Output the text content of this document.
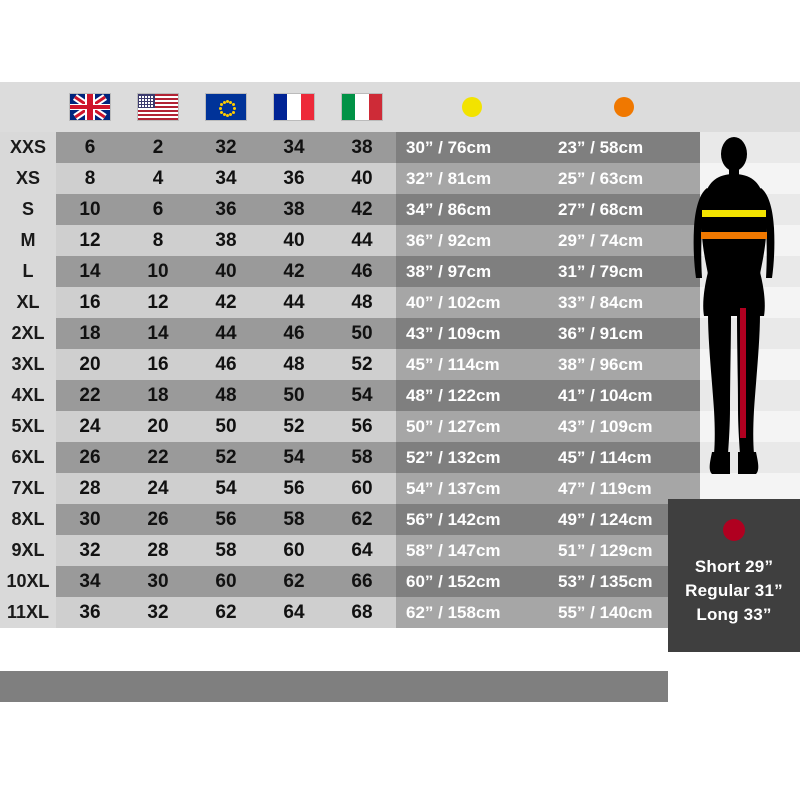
XXS	6	2	32	34	38	30” / 76cm	23” / 58cm	
XS	8	4	34	36	40	32” / 81cm	25” / 63cm	
S	10	6	36	38	42	34” / 86cm	27” / 68cm	
M	12	8	38	40	44	36” / 92cm	29” / 74cm	
L	14	10	40	42	46	38” / 97cm	31” / 79cm	
XL	16	12	42	44	48	40” / 102cm	33” / 84cm	
2XL	18	14	44	46	50	43” / 109cm	36” / 91cm	
3XL	20	16	46	48	52	45” / 114cm	38” / 96cm	
4XL	22	18	48	50	54	48” / 122cm	41” / 104cm	
5XL	24	20	50	52	56	50” / 127cm	43” / 109cm	
6XL	26	22	52	54	58	52” / 132cm	45” / 114cm	
7XL	28	24	54	56	60	54” / 137cm	47” / 119cm	
8XL	30	26	56	58	62	56” / 142cm	49” / 124cm	
9XL	32	28	58	60	64	58” / 147cm	51” / 129cm	
10XL	34	30	60	62	66	60” / 152cm	53” / 135cm	
11XL	36	32	62	64	68	62” / 158cm	55” / 140cm	
Short 29”
Regular 31”
Long 33”
